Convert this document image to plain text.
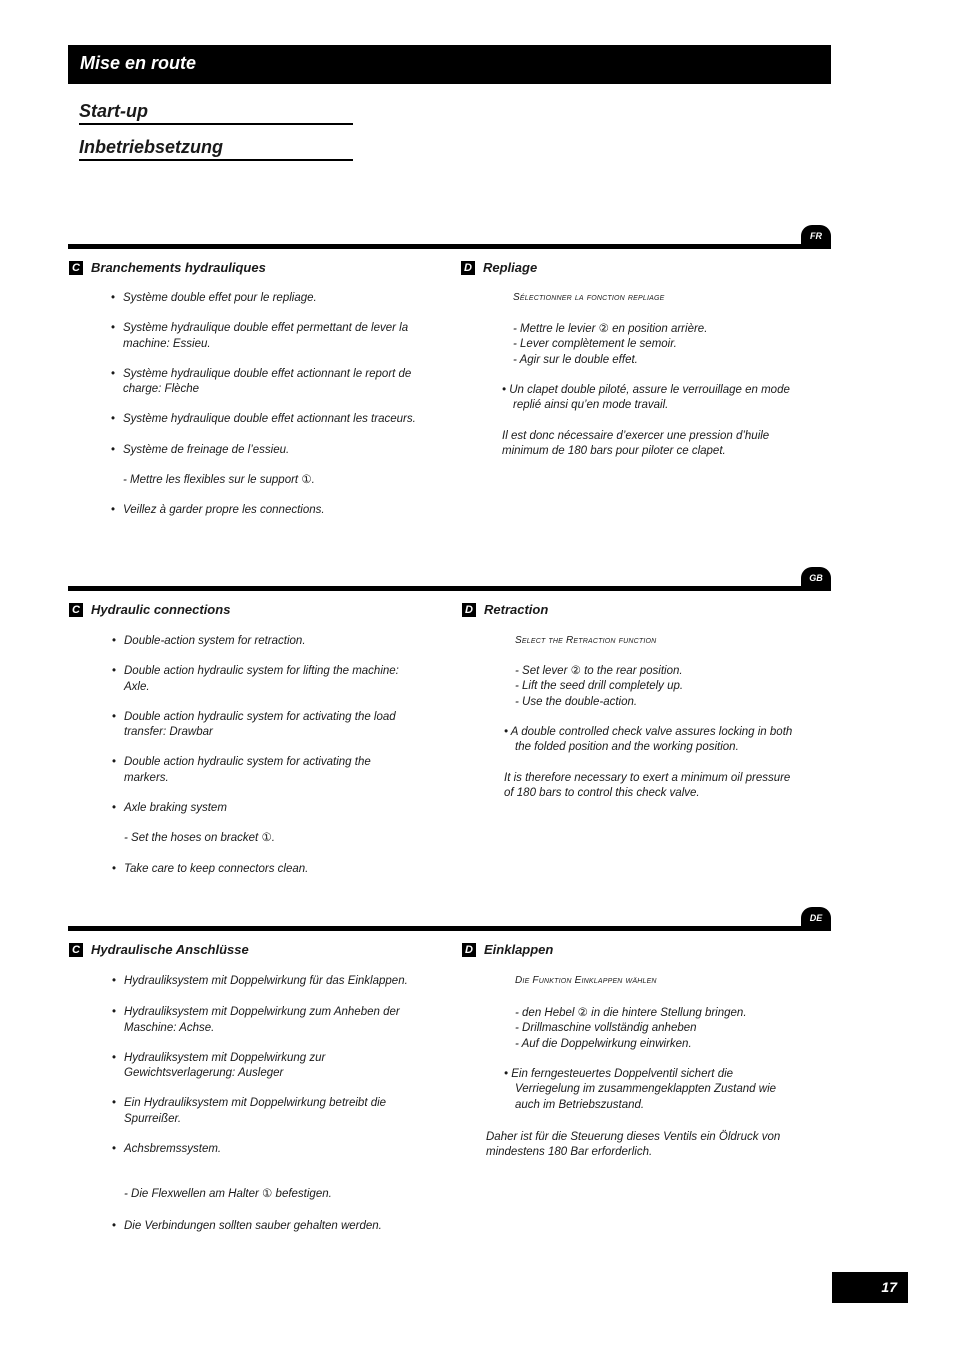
Mise en route
Start-up
Inbetriebsetzung
FR
C Branchements hydrauliques
• Système double effet pour le repliage.
• Système hydraulique double effet permettant de lever la machine: Essieu.
• Système hydraulique double effet actionnant le report de charge: Flèche
• Système hydraulique double effet actionnant les traceurs.
• Système de freinage de l’essieu.
- Mettre les flexibles sur le support ①.
• Veillez à garder propre les connections.
D Repliage
Sélectionner la fonction repliage
- Mettre le levier ② en position arrière.
- Lever complètement le semoir.
- Agir sur le double effet.
• Un clapet double piloté, assure le verrouillage en mode
replié ainsi qu’en mode travail.
Il est donc nécessaire d’exercer une pression d’huile
minimum de 180 bars pour piloter ce clapet.
GB
C Hydraulic connections
• Double-action system for retraction.
• Double action hydraulic system for lifting the machine: Axle.
• Double action hydraulic system for activating the load transfer: Drawbar
• Double action hydraulic system for activating the markers.
• Axle braking system
- Set the hoses on bracket ①.
• Take care to keep connectors clean.
D Retraction
Select the Retraction function
- Set lever ② to the rear position.
- Lift the seed drill completely up.
- Use the double-action.
• A double controlled check valve assures locking in both
the folded position and the working position.
It is therefore necessary to exert a minimum oil pressure
of 180 bars to control this check valve.
DE
C Hydraulische Anschlüsse
• Hydrauliksystem mit Doppelwirkung für das Einklappen.
• Hydrauliksystem mit Doppelwirkung zum Anheben der Maschine: Achse.
• Hydrauliksystem mit Doppelwirkung zur Gewichtsverlagerung: Ausleger
• Ein Hydrauliksystem mit Doppelwirkung betreibt die Spurreißer.
• Achsbremssystem.
- Die Flexwellen am Halter ① befestigen.
• Die Verbindungen sollten sauber gehalten werden.
D Einklappen
Die Funktion Einklappen wählen
- den Hebel ② in die hintere Stellung bringen.
- Drillmaschine vollständig anheben
- Auf die Doppelwirkung einwirken.
• Ein ferngesteuertes Doppelventil sichert die
Verriegelung im zusammengeklappten Zustand wie
auch im Betriebszustand.
Daher ist für die Steuerung dieses Ventils ein Öldruck von
mindestens 180 Bar erforderlich.
17
